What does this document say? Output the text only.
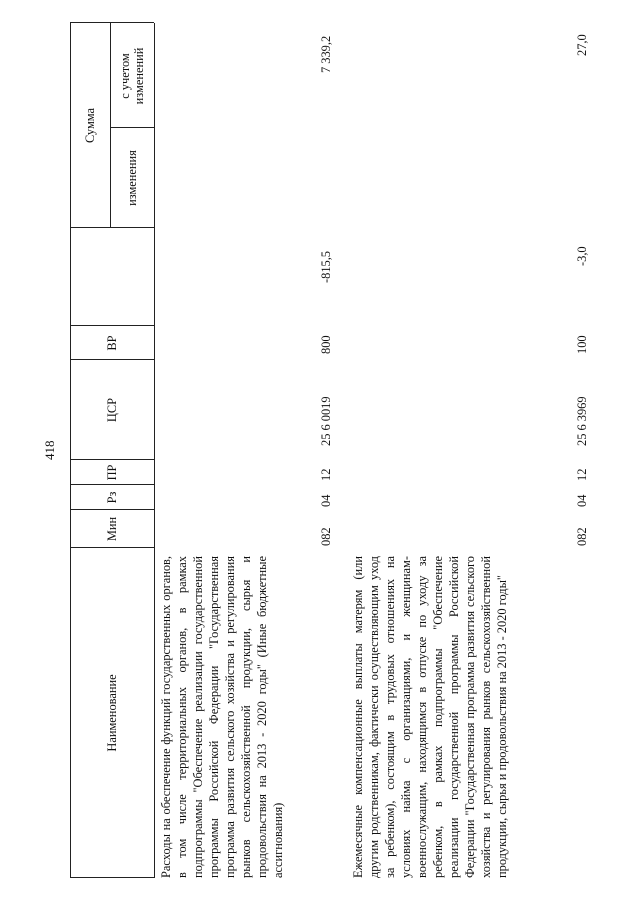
418
Наименование
Мин
Рз
ПР
ЦСР
ВР
Сумма
изменения
с учетом изменений
Расходы на обеспечение функций государственных органов, в том числе территориальных органов, в рамках подпрограммы "Обеспечение реализации государственной программы Российской Федерации "Государственная программа развития сельского хозяйства и регулирования рынков сельскохозяйственной продукции, сырья и продовольствия на 2013 - 2020 годы" (Иные бюджетные ассигнования)
082
04
12
25 6 0019
800
-815,5
7 339,2
Ежемесячные компенсационные выплаты матерям (или другим родственникам, фактически осуществляющим уход за ребенком), состоящим в трудовых отношениях на условиях найма с организациями, и женщинам-военнослужащим, находящимся в отпуске по уходу за ребенком, в рамках подпрограммы "Обеспечение реализации государственной программы Российской Федерации "Государственная программа развития сельского хозяйства и регулирования рынков сельскохозяйственной продукции, сырья и продовольствия на 2013 - 2020 годы"
082
04
12
25 6 3969
100
-3,0
27,0
